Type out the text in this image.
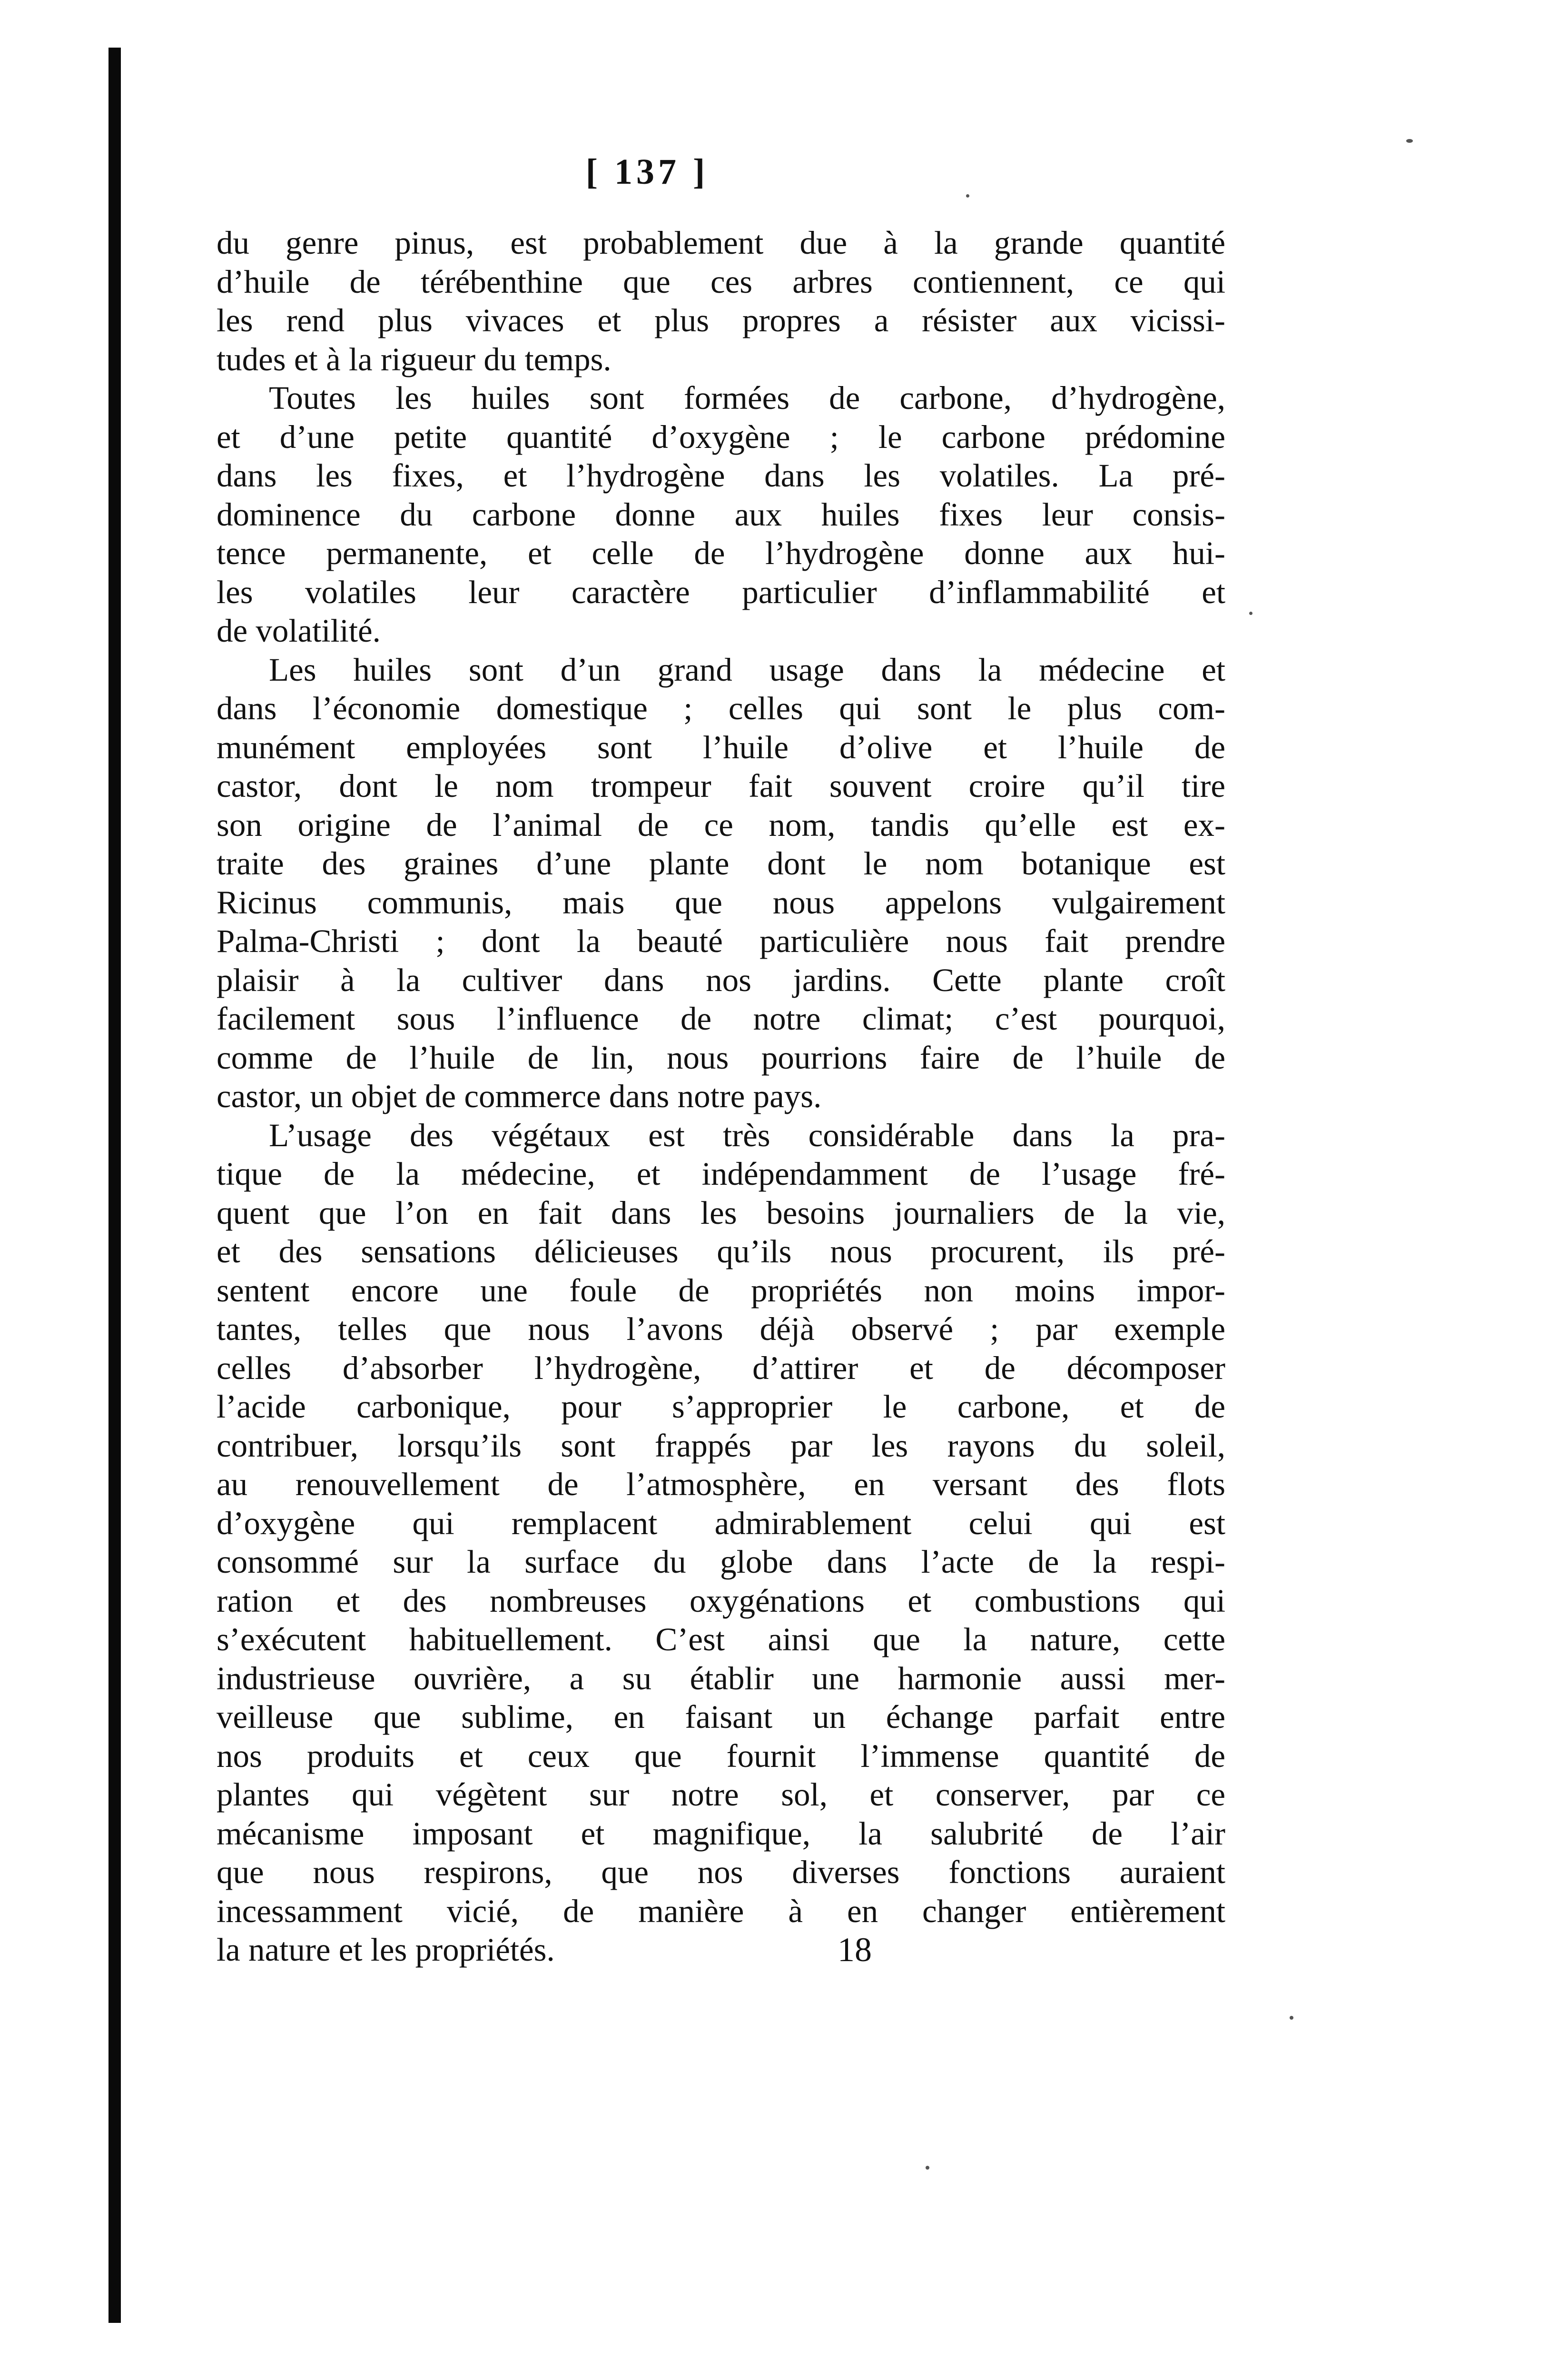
[ 137 ]
du genre pinus, est probablement due à la grande quantité
d’huile de térébenthine que ces arbres contiennent, ce qui
les rend plus vivaces et plus propres a résister aux vicissi-
tudes et à la rigueur du temps.
Toutes les huiles sont formées de carbone, d’hydrogène,
et d’une petite quantité d’oxygène ; le carbone prédomine
dans les fixes, et l’hydrogène dans les volatiles. La pré-
dominence du carbone donne aux huiles fixes leur consis-
tence permanente, et celle de l’hydrogène donne aux hui-
les volatiles leur caractère particulier d’inflammabilité et
de volatilité.
Les huiles sont d’un grand usage dans la médecine et
dans l’économie domestique ; celles qui sont le plus com-
munément employées sont l’huile d’olive et l’huile de
castor, dont le nom trompeur fait souvent croire qu’il tire
son origine de l’animal de ce nom, tandis qu’elle est ex-
traite des graines d’une plante dont le nom botanique est
Ricinus communis, mais que nous appelons vulgairement
Palma-Christi ; dont la beauté particulière nous fait prendre
plaisir à la cultiver dans nos jardins. Cette plante croît
facilement sous l’influence de notre climat; c’est pourquoi,
comme de l’huile de lin, nous pourrions faire de l’huile de
castor, un objet de commerce dans notre pays.
L’usage des végétaux est très considérable dans la pra-
tique de la médecine, et indépendamment de l’usage fré-
quent que l’on en fait dans les besoins journaliers de la vie,
et des sensations délicieuses qu’ils nous procurent, ils pré-
sentent encore une foule de propriétés non moins impor-
tantes, telles que nous l’avons déjà observé ; par exemple
celles d’absorber l’hydrogène, d’attirer et de décomposer
l’acide carbonique, pour s’approprier le carbone, et de
contribuer, lorsqu’ils sont frappés par les rayons du soleil,
au renouvellement de l’atmosphère, en versant des flots
d’oxygène qui remplacent admirablement celui qui est
consommé sur la surface du globe dans l’acte de la respi-
ration et des nombreuses oxygénations et combustions qui
s’exécutent habituellement. C’est ainsi que la nature, cette
industrieuse ouvrière, a su établir une harmonie aussi mer-
veilleuse que sublime, en faisant un échange parfait entre
nos produits et ceux que fournit l’immense quantité de
plantes qui végètent sur notre sol, et conserver, par ce
mécanisme imposant et magnifique, la salubrité de l’air
que nous respirons, que nos diverses fonctions auraient
incessamment vicié, de manière à en changer entièrement
la nature et les propriétés.	18
